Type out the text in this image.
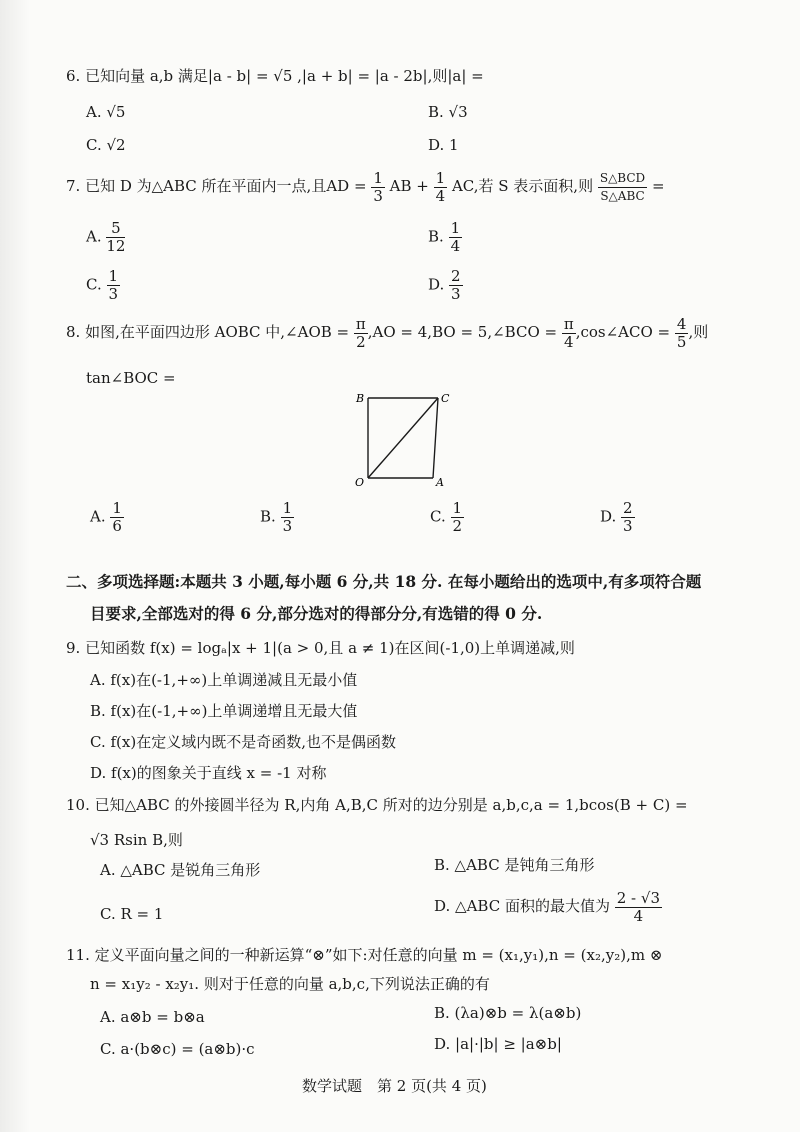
6. 已知向量 a,b 满足|a - b| = √5 ,|a + b| = |a - 2b|,则|a| =
A. √5	B. √3
C. √2	D. 1
7. 已知 D 为△ABC 所在平面内一点,且AD = $\frac{1}{3}$ AB + $\frac{1}{4}$ AC,若 S 表示面积,则 $\frac{\text{S△BCD}}{\text{S△ABC}}$ =
A. $\frac{5}{12}$	B. $\frac{1}{4}$
C. $\frac{1}{3}$	D. $\frac{2}{3}$
8. 如图,在平面四边形 AOBC 中,∠AOB = $\frac{\pi}{2} ,AO = 4,BO$ = 5,∠BCO = $\frac{\pi}{4}$ ,cos∠ACO = $\frac{4}{5}$ ,则
tan∠BOC =
B	C
O	A
A. $\frac{1}{6}$	B. $\frac{1}{3}$	C. $\frac{1}{2}$	D. $\frac{2}{3}$
二、多项选择题:本题共 3 小题,每小题 6 分,共 18 分. 在每小题给出的选项中,有多项符合题
目要求,全部选对的得 6 分,部分选对的得部分分,有选错的得 0 分.
9. 已知函数 f(x) = logₐ|x + 1|(a > 0,且 a ≠ 1)在区间(-1,0)上单调递减,则
A. f(x)在(-1,+∞)上单调递减且无最小值
B. f(x)在(-1,+∞)上单调递增且无最大值
C. f(x)在定义域内既不是奇函数,也不是偶函数
D. f(x)的图象关于直线 x = -1 对称
10. 已知△ABC 的外接圆半径为 R,内角 A,B,C 所对的边分别是 a,b,c,a = 1,bcos(B + C) =
√3 Rsin B,则
A. △ABC 是锐角三角形	B. △ABC 是钝角三角形
C. R = 1	D. △ABC 面积的最大值为 $\frac{2 - √3}{4}$
11. 定义平面向量之间的一种新运算“⊗”如下:对任意的向量 m = (x₁,y₁),n = (x₂,y₂),m ⊗
n = x₁y₂ - x₂y₁. 则对于任意的向量 a,b,c,下列说法正确的有
A. a⊗b = b⊗a	B. (λa)⊗b = λ(a⊗b)
C. a·(b⊗c) = (a⊗b)·c	D. |a|·|b| ≥ |a⊗b|
数学试题　第 2 页(共 4 页)
